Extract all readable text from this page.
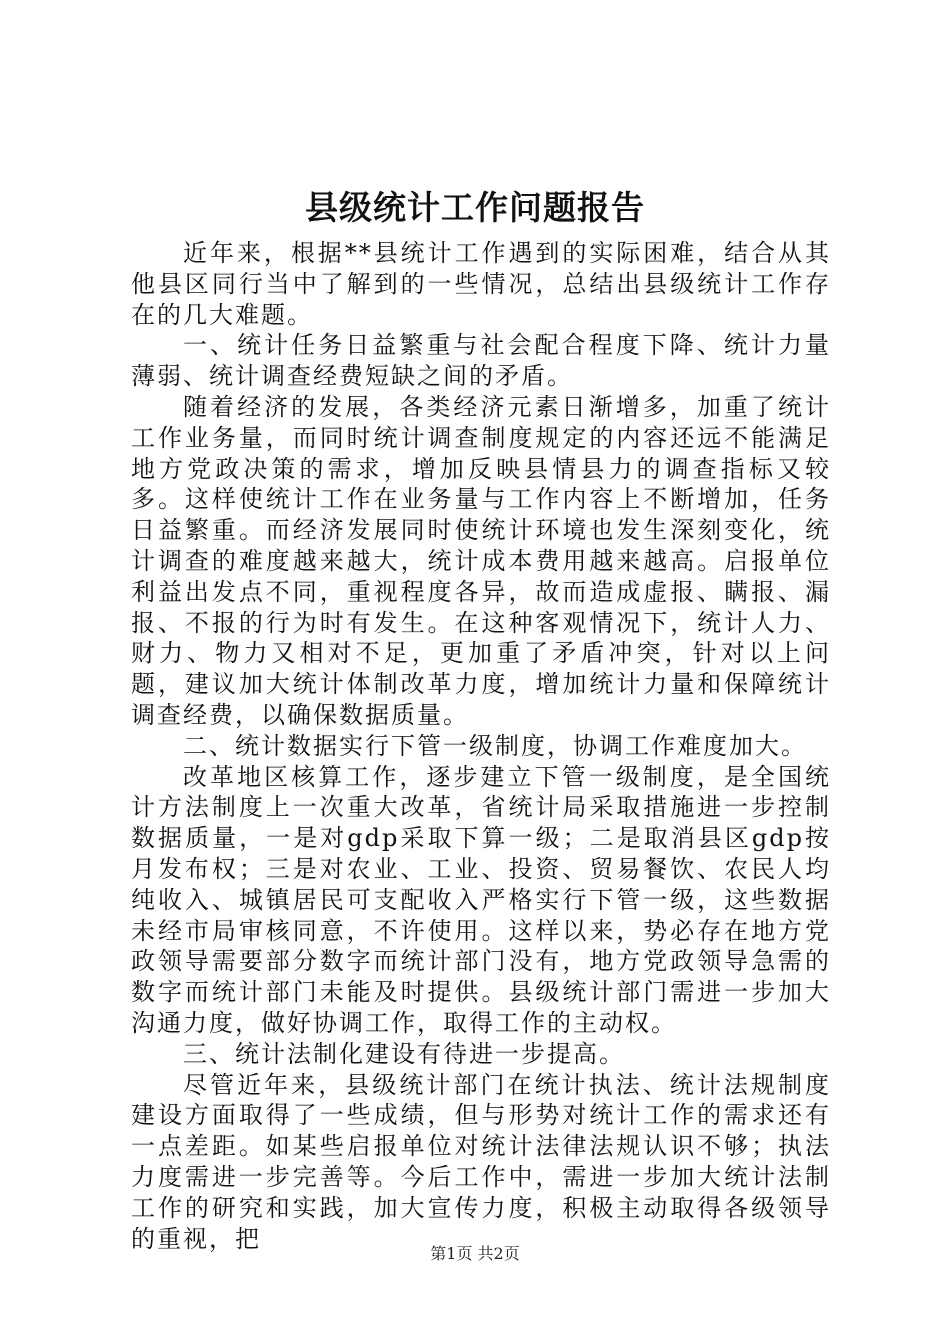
县级统计工作问题报告

近年来，根据**县统计工作遇到的实际困难，结合从其他县区同行当中了解到的一些情况，总结出县级统计工作存在的几大难题。

一、统计任务日益繁重与社会配合程度下降、统计力量薄弱、统计调查经费短缺之间的矛盾。

随着经济的发展，各类经济元素日渐增多，加重了统计工作业务量，而同时统计调查制度规定的内容还远不能满足地方党政决策的需求，增加反映县情县力的调查指标又较多。这样使统计工作在业务量与工作内容上不断增加，任务日益繁重。而经济发展同时使统计环境也发生深刻变化，统计调查的难度越来越大，统计成本费用越来越高。启报单位利益出发点不同，重视程度各异，故而造成虚报、瞒报、漏报、不报的行为时有发生。在这种客观情况下，统计人力、财力、物力又相对不足，更加重了矛盾冲突，针对以上问题，建议加大统计体制改革力度，增加统计力量和保障统计调查经费，以确保数据质量。

二、统计数据实行下管一级制度，协调工作难度加大。

改革地区核算工作，逐步建立下管一级制度，是全国统计方法制度上一次重大改革，省统计局采取措施进一步控制数据质量，一是对gdp采取下算一级；二是取消县区gdp按月发布权；三是对农业、工业、投资、贸易餐饮、农民人均纯收入、城镇居民可支配收入严格实行下管一级，这些数据未经市局审核同意，不许使用。这样以来，势必存在地方党政领导需要部分数字而统计部门没有，地方党政领导急需的数字而统计部门未能及时提供。县级统计部门需进一步加大沟通力度，做好协调工作，取得工作的主动权。

三、统计法制化建设有待进一步提高。

尽管近年来，县级统计部门在统计执法、统计法规制度建设方面取得了一些成绩，但与形势对统计工作的需求还有一点差距。如某些启报单位对统计法律法规认识不够；执法力度需进一步完善等。今后工作中，需进一步加大统计法制工作的研究和实践，加大宣传力度，积极主动取得各级领导的重视，把

第1页 共2页
